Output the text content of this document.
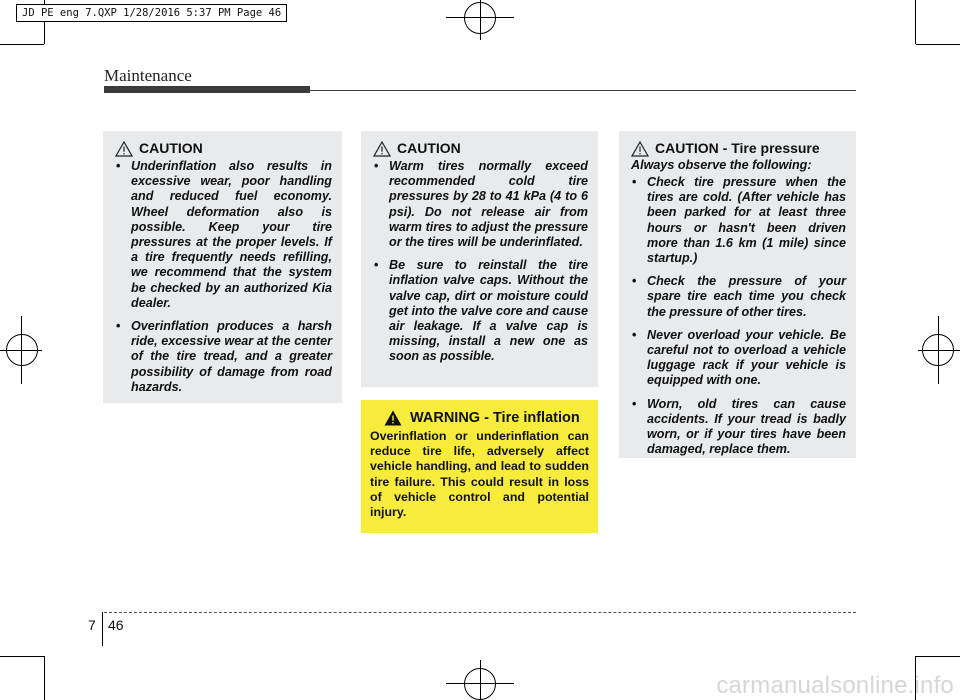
JD PE eng 7.QXP 1/28/2016 5:37 PM Page 46
Maintenance
CAUTION
• Underinflation also results in excessive wear, poor handling and reduced fuel economy. Wheel deformation also is possible. Keep your tire pressures at the proper levels. If a tire frequently needs refilling, we recommend that the system be checked by an authorized Kia dealer.
• Overinflation produces a harsh ride, excessive wear at the center of the tire tread, and a greater possibility of damage from road hazards.
CAUTION
• Warm tires normally exceed recommended cold tire pressures by 28 to 41 kPa (4 to 6 psi). Do not release air from warm tires to adjust the pressure or the tires will be underinflated.
• Be sure to reinstall the tire inflation valve caps. Without the valve cap, dirt or moisture could get into the valve core and cause air leakage. If a valve cap is missing, install a new one as soon as possible.
WARNING - Tire inflation
Overinflation or underinflation can reduce tire life, adversely affect vehicle handling, and lead to sudden tire failure. This could result in loss of vehicle control and potential injury.
CAUTION - Tire pressure
Always observe the following:
• Check tire pressure when the tires are cold. (After vehicle has been parked for at least three hours or hasn't been driven more than 1.6 km (1 mile) since startup.)
• Check the pressure of your spare tire each time you check the pressure of other tires.
• Never overload your vehicle. Be careful not to overload a vehicle luggage rack if your vehicle is equipped with one.
• Worn, old tires can cause accidents. If your tread is badly worn, or if your tires have been damaged, replace them.
7 46
carmanualsonline.info
